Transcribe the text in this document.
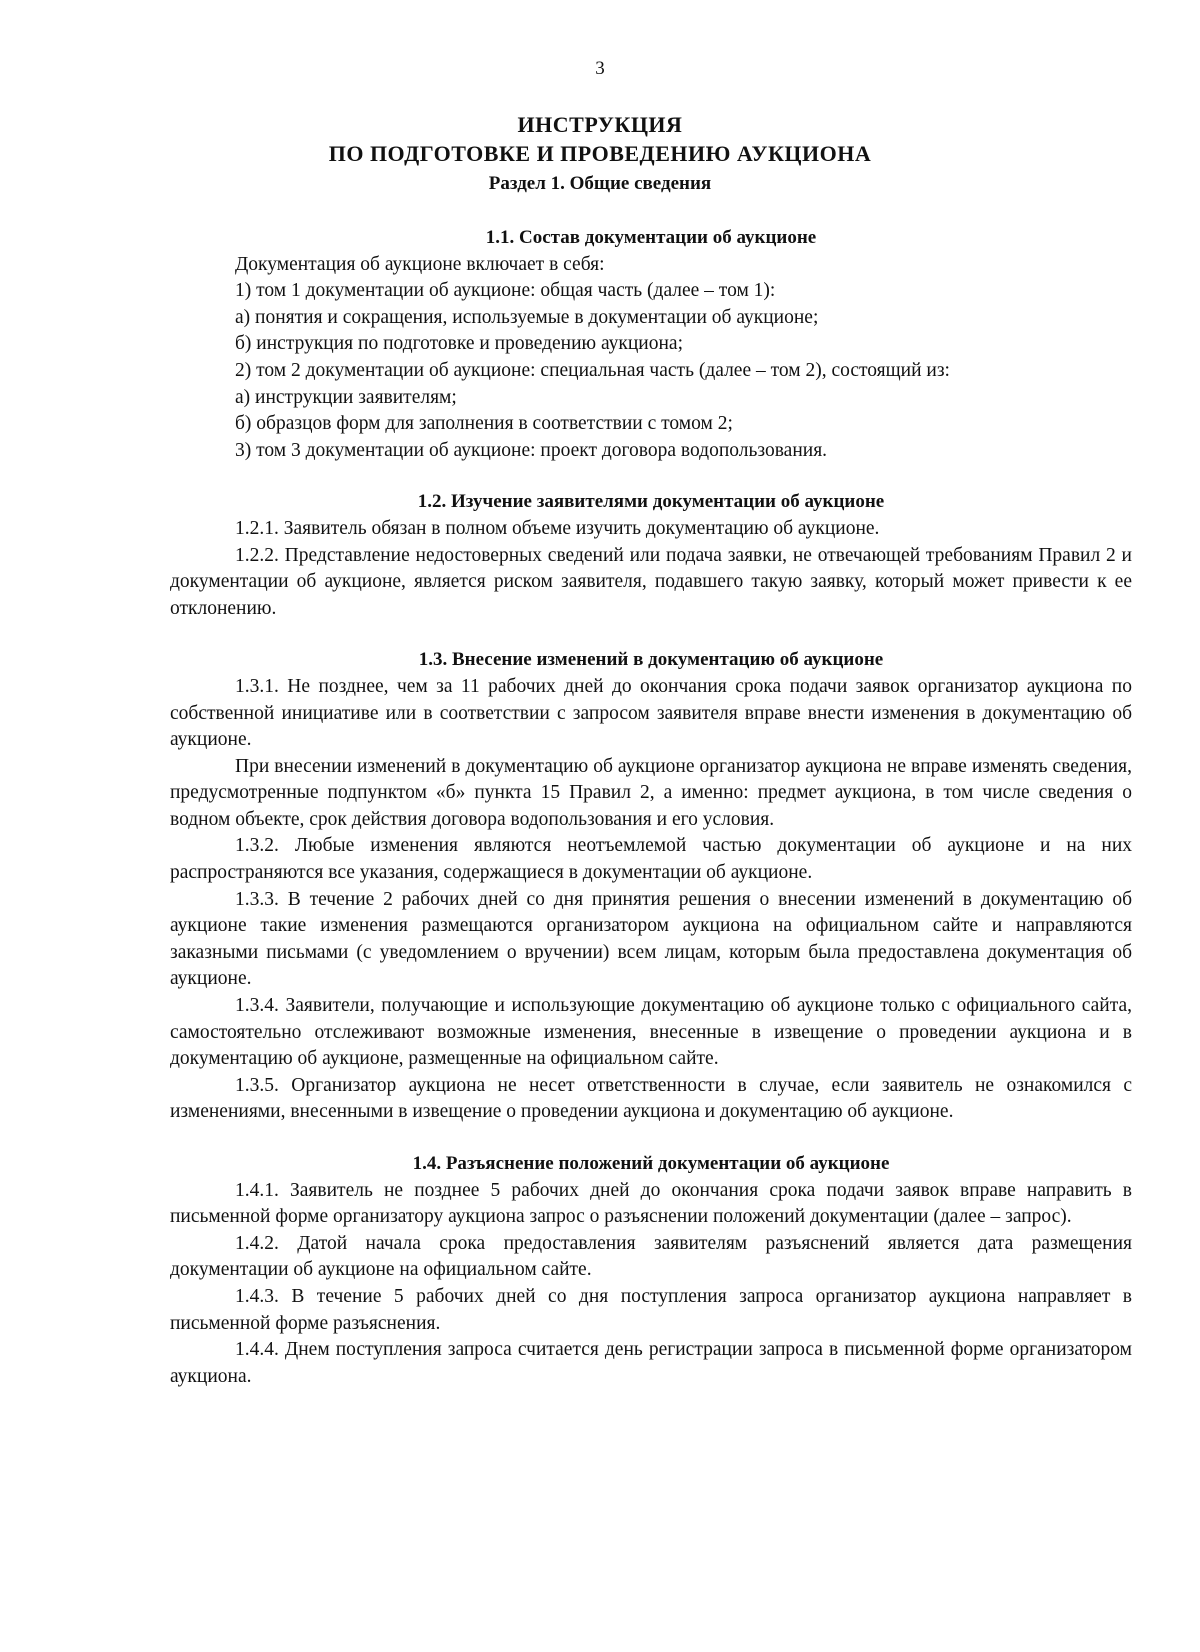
3
ИНСТРУКЦИЯ
ПО ПОДГОТОВКЕ И ПРОВЕДЕНИЮ АУКЦИОНА
Раздел 1. Общие сведения
1.1. Состав документации об аукционе
Документация об аукционе включает в себя:
1) том 1 документации об аукционе: общая часть (далее – том 1):
а) понятия и сокращения, используемые в документации об аукционе;
б) инструкция по подготовке и проведению аукциона;
2) том 2 документации об аукционе: специальная часть (далее – том 2), состоящий из:
а) инструкции заявителям;
б) образцов форм для заполнения в соответствии с томом 2;
3) том 3 документации об аукционе: проект договора водопользования.
1.2. Изучение заявителями документации об аукционе
1.2.1. Заявитель обязан в полном объеме изучить документацию об аукционе.
1.2.2. Представление недостоверных сведений или подача заявки, не отвечающей требованиям Правил 2 и документации об аукционе, является риском заявителя, подавшего такую заявку, который может привести к ее отклонению.
1.3. Внесение изменений в документацию об аукционе
1.3.1. Не позднее, чем за 11 рабочих дней до окончания срока подачи заявок организатор аукциона по собственной инициативе или в соответствии с запросом заявителя вправе внести изменения в документацию об аукционе.
При внесении изменений в документацию об аукционе организатор аукциона не вправе изменять сведения, предусмотренные подпунктом «б» пункта 15 Правил 2, а именно: предмет аукциона, в том числе сведения о водном объекте, срок действия договора водопользования и его условия.
1.3.2. Любые изменения являются неотъемлемой частью документации об аукционе и на них распространяются все указания, содержащиеся в документации об аукционе.
1.3.3. В течение 2 рабочих дней со дня принятия решения о внесении изменений в документацию об аукционе такие изменения размещаются организатором аукциона на официальном сайте и направляются заказными письмами (с уведомлением о вручении) всем лицам, которым была предоставлена документация об аукционе.
1.3.4. Заявители, получающие и использующие документацию об аукционе только с официального сайта, самостоятельно отслеживают возможные изменения, внесенные в извещение о проведении аукциона и в документацию об аукционе, размещенные на официальном сайте.
1.3.5. Организатор аукциона не несет ответственности в случае, если заявитель не ознакомился с изменениями, внесенными в извещение о проведении аукциона и документацию об аукционе.
1.4. Разъяснение положений документации об аукционе
1.4.1. Заявитель не позднее 5 рабочих дней до окончания срока подачи заявок вправе направить в письменной форме организатору аукциона запрос о разъяснении положений документации (далее – запрос).
1.4.2. Датой начала срока предоставления заявителям разъяснений является дата размещения документации об аукционе на официальном сайте.
1.4.3. В течение 5 рабочих дней со дня поступления запроса организатор аукциона направляет в письменной форме разъяснения.
1.4.4. Днем поступления запроса считается день регистрации запроса в письменной форме организатором аукциона.
